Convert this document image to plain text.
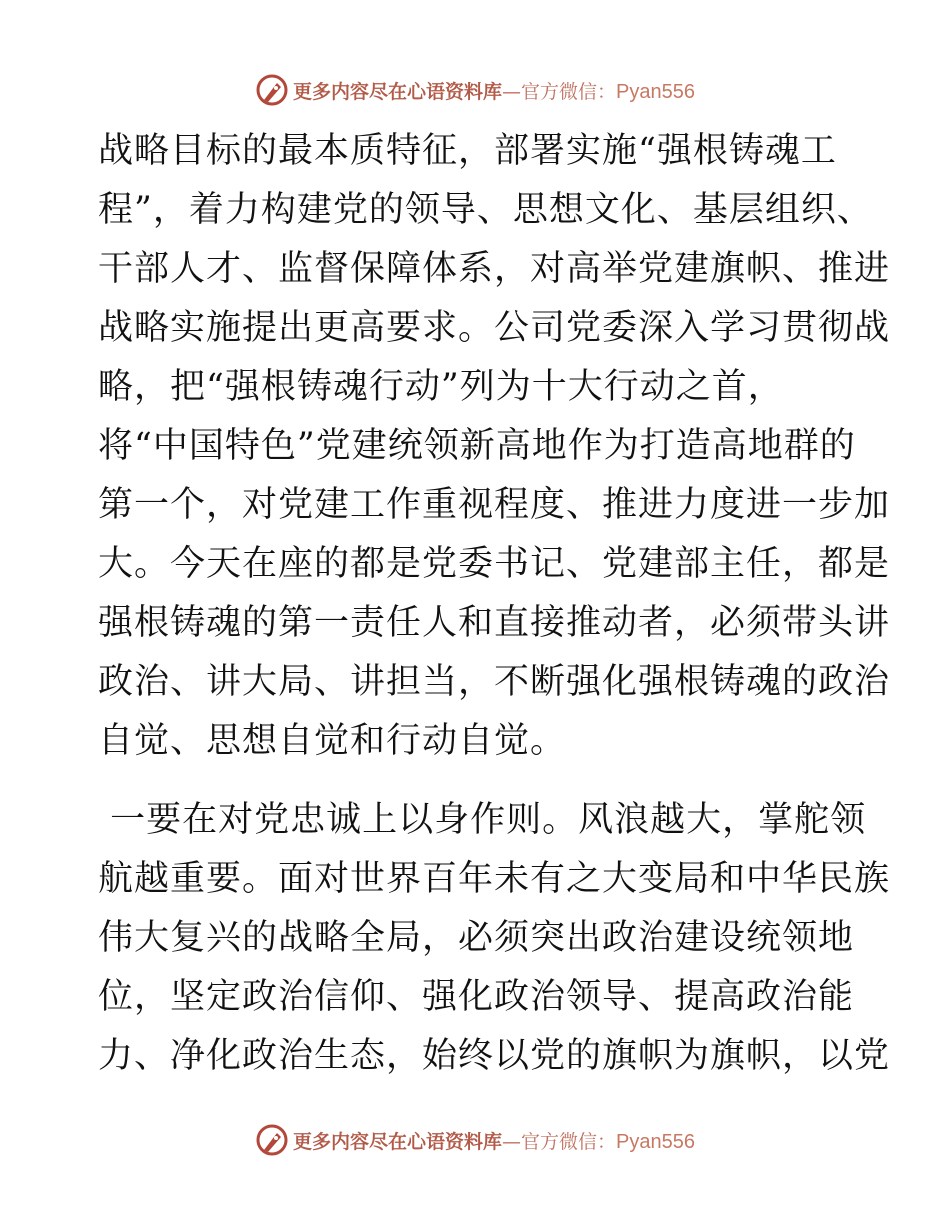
更多内容尽在心语资料库—官方微信：Pyan556
战略目标的最本质特征，部署实施“强根铸魂工
程”，着力构建党的领导、思想文化、基层组织、
干部人才、监督保障体系，对高举党建旗帜、推进
战略实施提出更高要求。公司党委深入学习贯彻战
略，把“强根铸魂行动”列为十大行动之首，
将“中国特色”党建统领新高地作为打造高地群的
第一个，对党建工作重视程度、推进力度进一步加
大。今天在座的都是党委书记、党建部主任，都是
强根铸魂的第一责任人和直接推动者，必须带头讲
政治、讲大局、讲担当，不断强化强根铸魂的政治
自觉、思想自觉和行动自觉。
一要在对党忠诚上以身作则。风浪越大，掌舵领
航越重要。面对世界百年未有之大变局和中华民族
伟大复兴的战略全局，必须突出政治建设统领地
位，坚定政治信仰、强化政治领导、提高政治能
力、净化政治生态，始终以党的旗帜为旗帜，以党
更多内容尽在心语资料库—官方微信：Pyan556
